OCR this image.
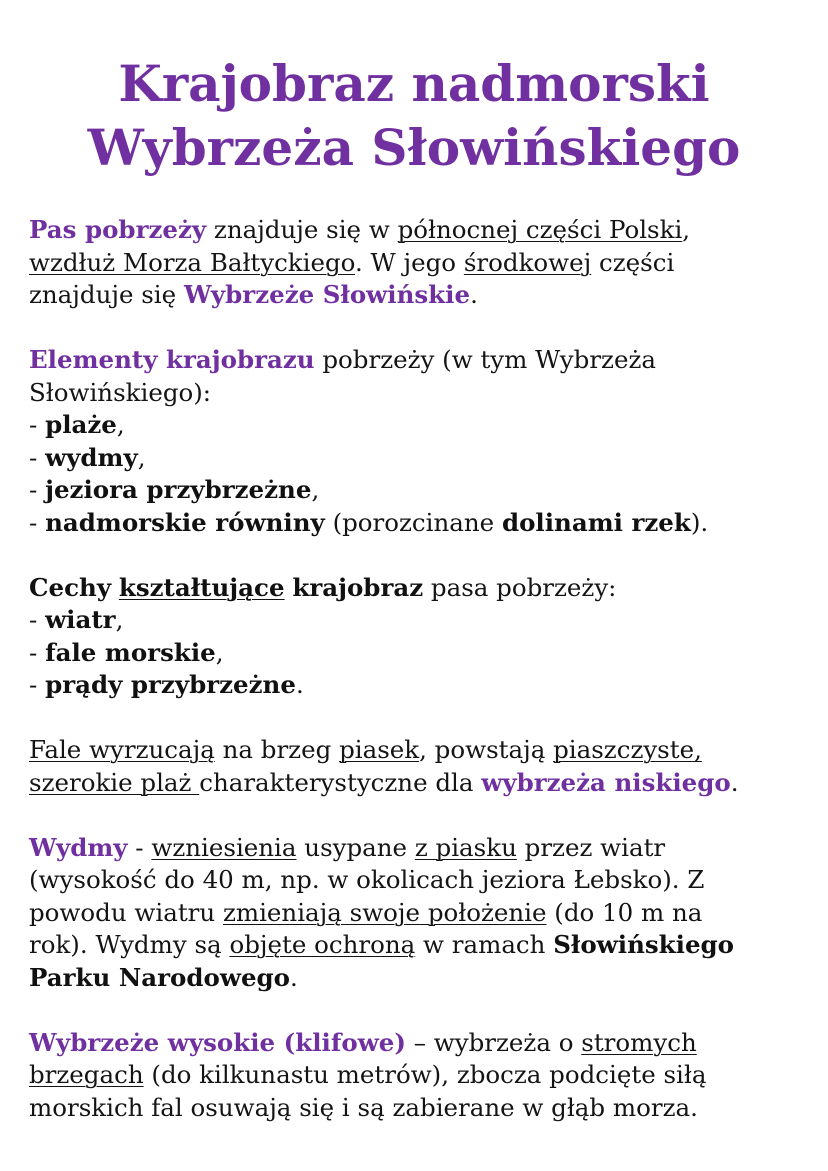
Krajobraz nadmorski
Wybrzeża Słowińskiego

Pas pobrzeży znajduje się w północnej części Polski,
wzdłuż Morza Bałtyckiego. W jego środkowej części
znajduje się Wybrzeże Słowińskie.

Elementy krajobrazu pobrzeży (w tym Wybrzeża
Słowińskiego):
- plaże,
- wydmy,
- jeziora przybrzeżne,
- nadmorskie równiny (porozcinane dolinami rzek).

Cechy kształtujące krajobraz pasa pobrzeży:
- wiatr,
- fale morskie,
- prądy przybrzeżne.

Fale wyrzucają na brzeg piasek, powstają piaszczyste,
szerokie plaż charakterystyczne dla wybrzeża niskiego.

Wydmy - wzniesienia usypane z piasku przez wiatr
(wysokość do 40 m, np. w okolicach jeziora Łebsko). Z
powodu wiatru zmieniają swoje położenie (do 10 m na
rok). Wydmy są objęte ochroną w ramach Słowińskiego
Parku Narodowego.

Wybrzeże wysokie (klifowe) – wybrzeża o stromych
brzegach (do kilkunastu metrów), zbocza podcięte siłą
morskich fal osuwają się i są zabierane w głąb morza.
